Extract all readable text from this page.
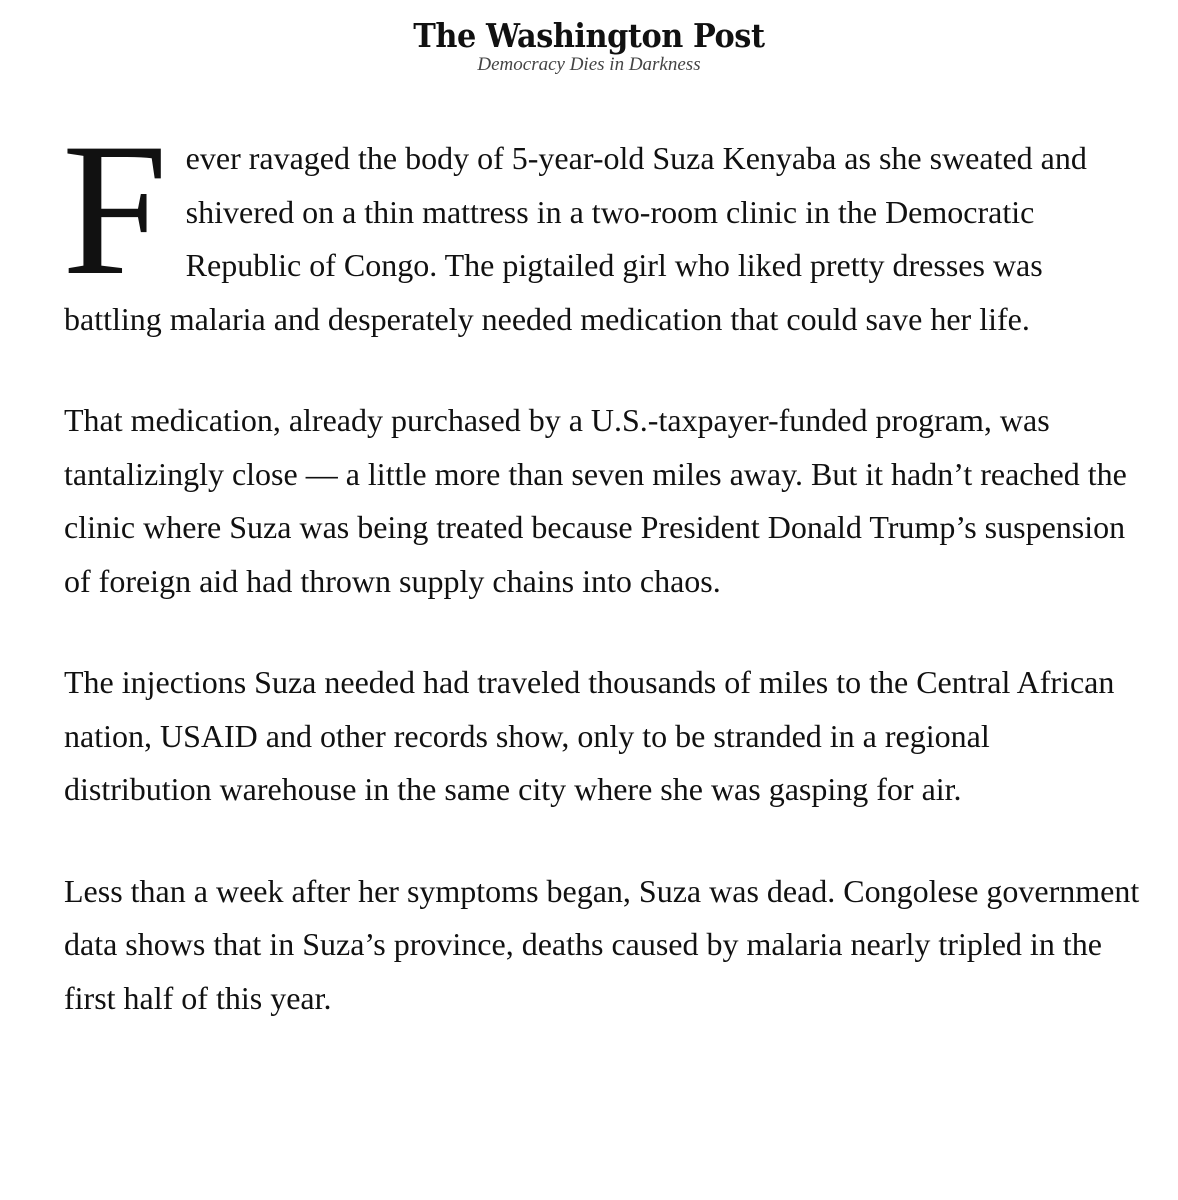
The Washington Post
Democracy Dies in Darkness

F ever ravaged the body of 5-year-old Suza Kenyaba as she sweated and shivered on a thin mattress in a two-room clinic in the Democratic Republic of Congo. The pigtailed girl who liked pretty dresses was battling malaria and desperately needed medication that could save her life.

That medication, already purchased by a U.S.-taxpayer-funded program, was tantalizingly close — a little more than seven miles away. But it hadn’t reached the clinic where Suza was being treated because President Donald Trump’s suspension of foreign aid had thrown supply chains into chaos.

The injections Suza needed had traveled thousands of miles to the Central African nation, USAID and other records show, only to be stranded in a regional distribution warehouse in the same city where she was gasping for air.

Less than a week after her symptoms began, Suza was dead. Congolese government data shows that in Suza’s province, deaths caused by malaria nearly tripled in the first half of this year.
